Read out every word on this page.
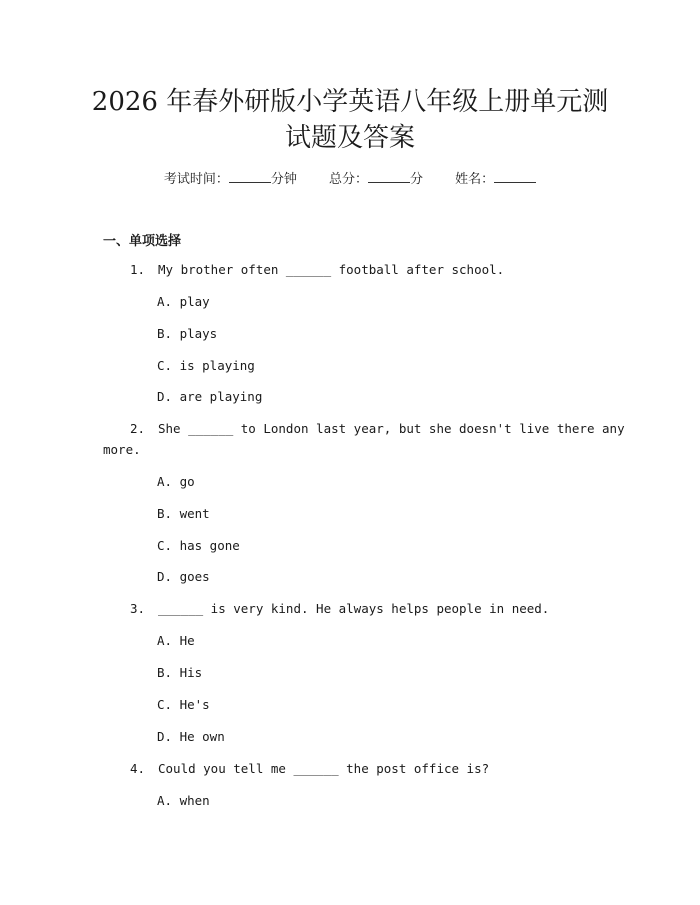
2026 年春外研版小学英语八年级上册单元测
试题及答案
考试时间：	分钟 总分：	分 姓名：
一、单项选择
1. My brother often ______ football after school.
A. play
B. plays
C. is playing
D. are playing
2. She ______ to London last year, but she doesn't live there any
more.
A. go
B. went
C. has gone
D. goes
3. ______ is very kind. He always helps people in need.
A. He
B. His
C. He's
D. He own
4. Could you tell me ______ the post office is?
A. when
